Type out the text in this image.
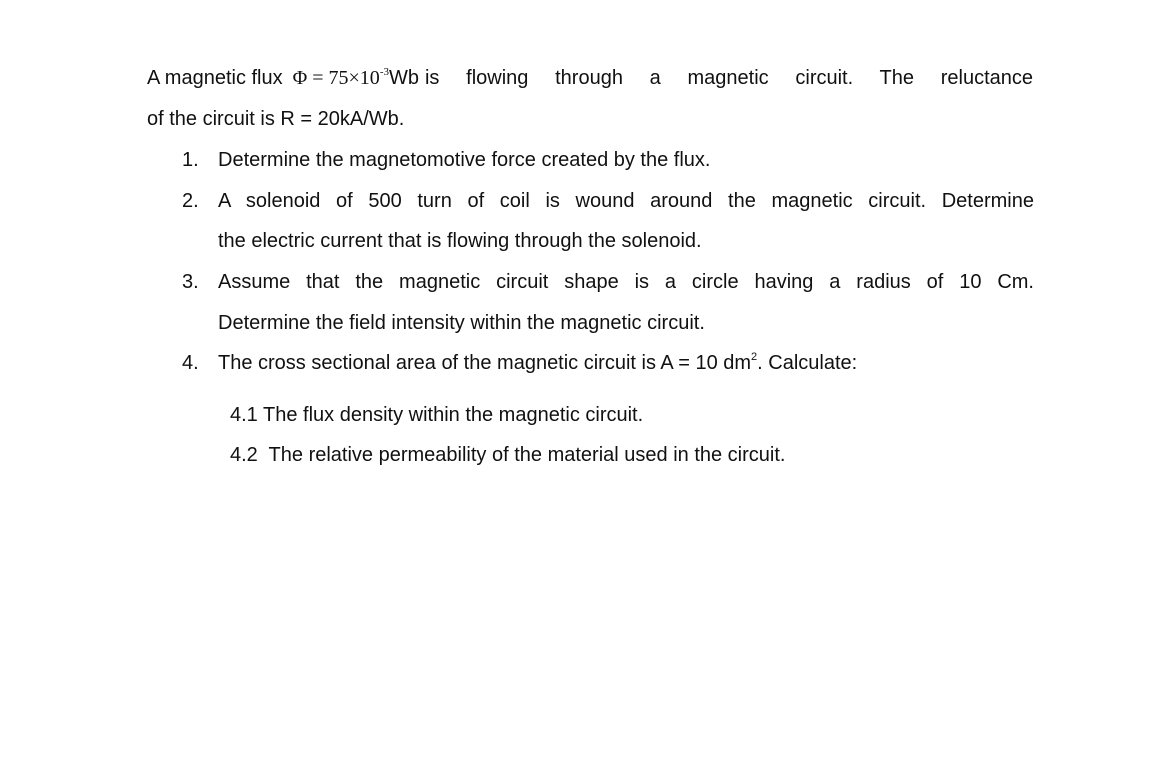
A magnetic flux $\Phi = 75\times 10^{-3}Wb$ is flowing through a magnetic circuit. The reluctance
of the circuit is R = 20kA/Wb.
1. Determine the magnetomotive force created by the flux.
2. A solenoid of 500 turn of coil is wound around the magnetic circuit. Determine
the electric current that is flowing through the solenoid.
3. Assume that the magnetic circuit shape is a circle having a radius of 10 Cm.
Determine the field intensity within the magnetic circuit.
4. The cross sectional area of the magnetic circuit is A = 10 $dm^2$. Calculate:
4.1 The flux density within the magnetic circuit.
4.2  The relative permeability of the material used in the circuit.
